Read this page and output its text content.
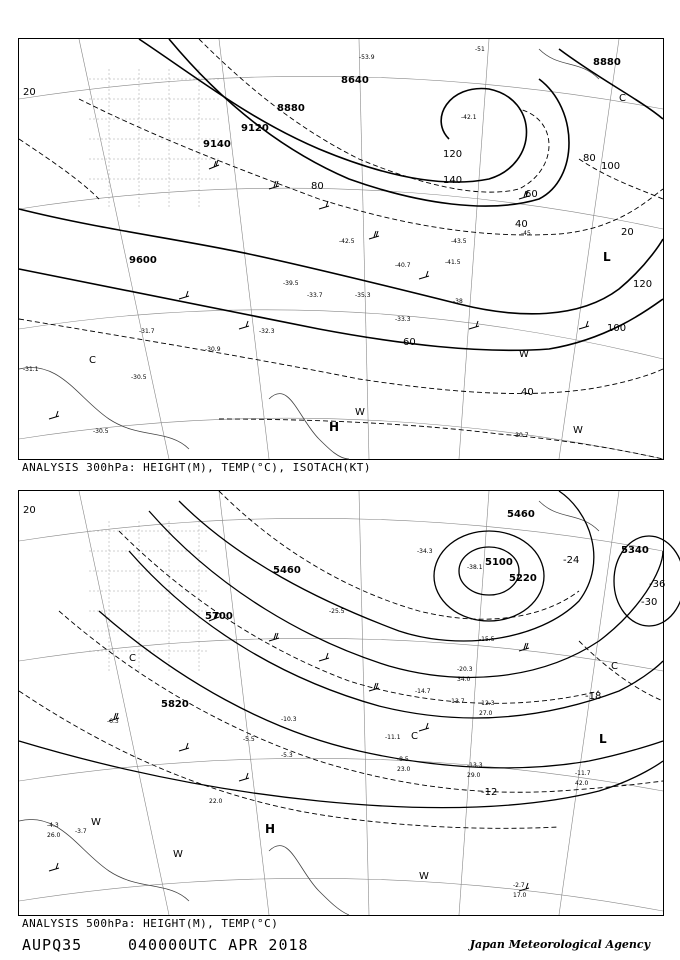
8880
9120
9140
9600
8640
8880
120
140
80
60
40
20
100
120
80
60
40
20
100
-41.5
-43.5
-42.5
-40.7
-39.5
-35.3
-33.3
-30.9
-31.7
-30.5
-33.7
-32.3
-51
-53.9
-45
-42.1
-38
-30.7
-30.5
-31.1
H
L
C
C
W
W
W
ANALYSIS 300hPa: HEIGHT(M), TEMP(°C), ISOTACH(KT)
5460
5700
5100
5220
5340
5460
5820
-30
-36
-24
-18
-12
20
-38.1
-34.3
-25.5
-20.3
-15.5
-14.7
-13.7 -12.3
-11.1
-8.5
-6.3
-5.5
-5.3
-4.3
-3.7
-2.7
-10.3
-11.7
-13.3
17.0
23.0
29.0
34.0
27.0
22.0
26.0
42.0
H
L
C
C
C
W
W
W
ANALYSIS 500hPa: HEIGHT(M), TEMP(°C)
AUPQ35	040000UTC APR 2018	Japan Meteorological Agency
